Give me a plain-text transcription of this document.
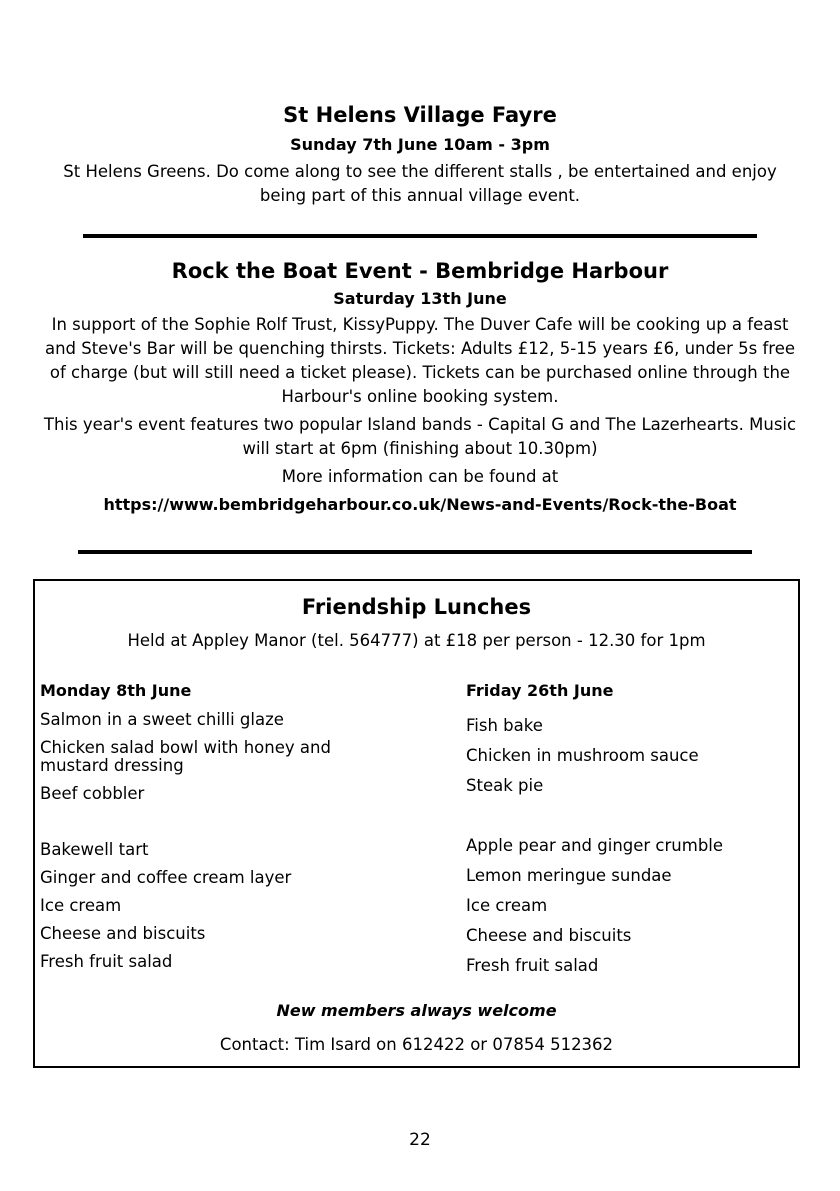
St Helens Village Fayre

Sunday 7th June 10am - 3pm

St Helens Greens. Do come along to see the different stalls , be entertained and enjoy being part of this annual village event.

Rock the Boat Event - Bembridge Harbour

Saturday 13th June

In support of the Sophie Rolf Trust, KissyPuppy. The Duver Cafe will be cooking up a feast and Steve's Bar will be quenching thirsts. Tickets: Adults £12, 5-15 years £6, under 5s free of charge (but will still need a ticket please). Tickets can be purchased online through the Harbour's online booking system.

This year's event features two popular Island bands - Capital G and The Lazerhearts. Music will start at 6pm (finishing about 10.30pm)

More information can be found at

https://www.bembridgeharbour.co.uk/News-and-Events/Rock-the-Boat

Friendship Lunches
Held at Appley Manor (tel. 564777) at £18 per person - 12.30 for 1pm
Monday 8th June
Salmon in a sweet chilli glaze
Chicken salad bowl with honey and
mustard dressing
Beef cobbler
Bakewell tart
Ginger and coffee cream layer
Ice cream
Cheese and biscuits
Fresh fruit salad
Friday 26th June
Fish bake
Chicken in mushroom sauce
Steak pie
Apple pear and ginger crumble
Lemon meringue sundae
Ice cream
Cheese and biscuits
Fresh fruit salad
New members always welcome
Contact: Tim Isard on 612422 or 07854 512362
22
